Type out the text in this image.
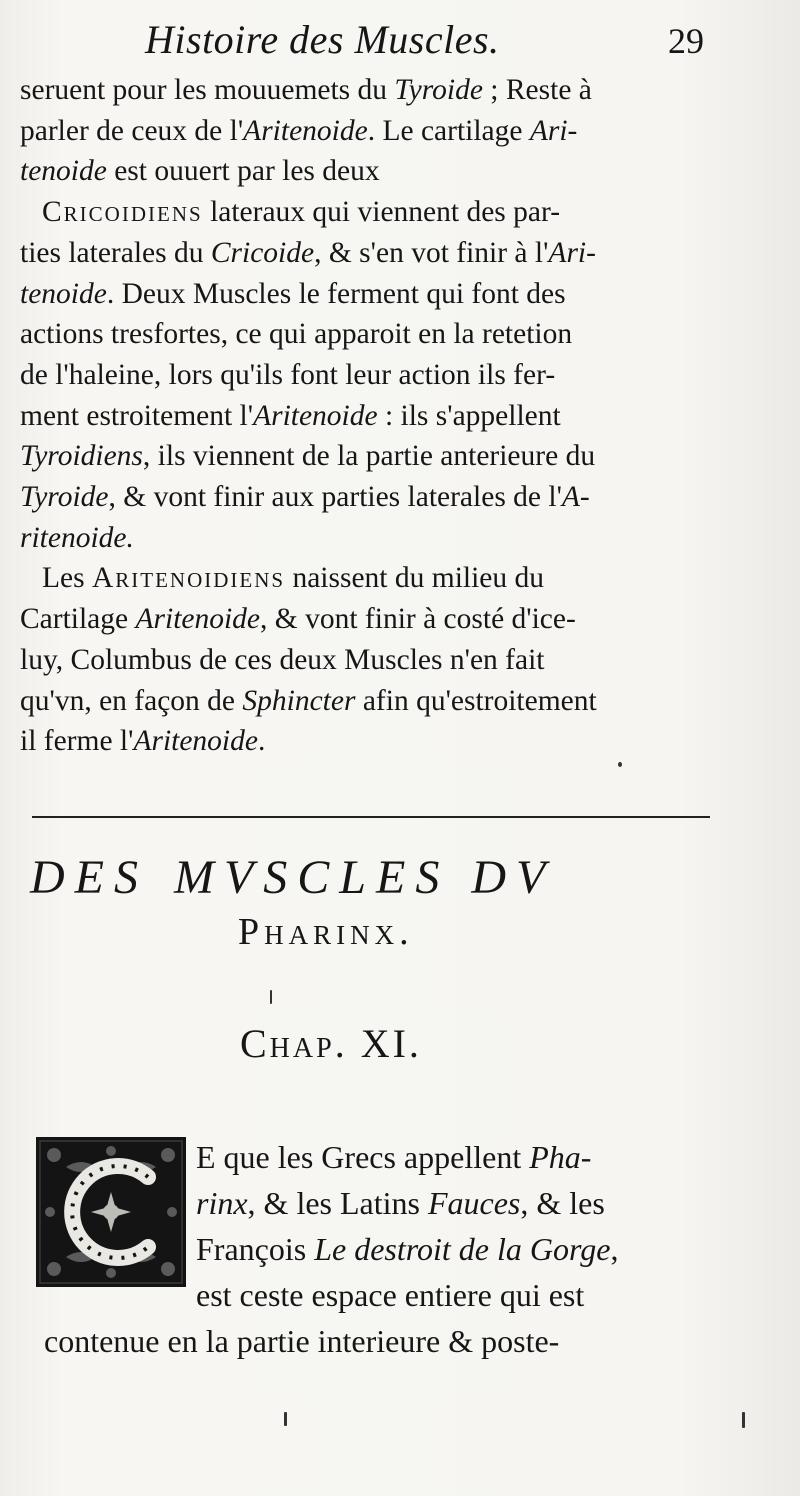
Histoire des Muscles.	29
seruent pour les mouuemets du Tyroide ; Reste à
parler de ceux de l'Aritenoide. Le cartilage Ari-
tenoide est ouuert par les deux
Cricoidiens lateraux qui viennent des par-
ties laterales du Cricoide, & s'en vot finir à l'Ari-
tenoide. Deux Muscles le ferment qui font des
actions tresfortes, ce qui apparoit en la retetion
de l'haleine, lors qu'ils font leur action ils fer-
ment estroitement l'Aritenoide : ils s'appellent
Tyroidiens, ils viennent de la partie anterieure du
Tyroide, & vont finir aux parties laterales de l'A-
ritenoide.
Les Aritenoidiens naissent du milieu du
Cartilage Aritenoide, & vont finir à costé d'ice-
luy, Columbus de ces deux Muscles n'en fait
qu'vn, en façon de Sphincter afin qu'estroitement
il ferme l'Aritenoide.
DES MVSCLES DV
Pharinx.
Chap. XI.
E que les Grecs appellent Pha-
rinx, & les Latins Fauces, & les
François Le destroit de la Gorge,
est ceste espace entiere qui est
contenue en la partie interieure & poste-
